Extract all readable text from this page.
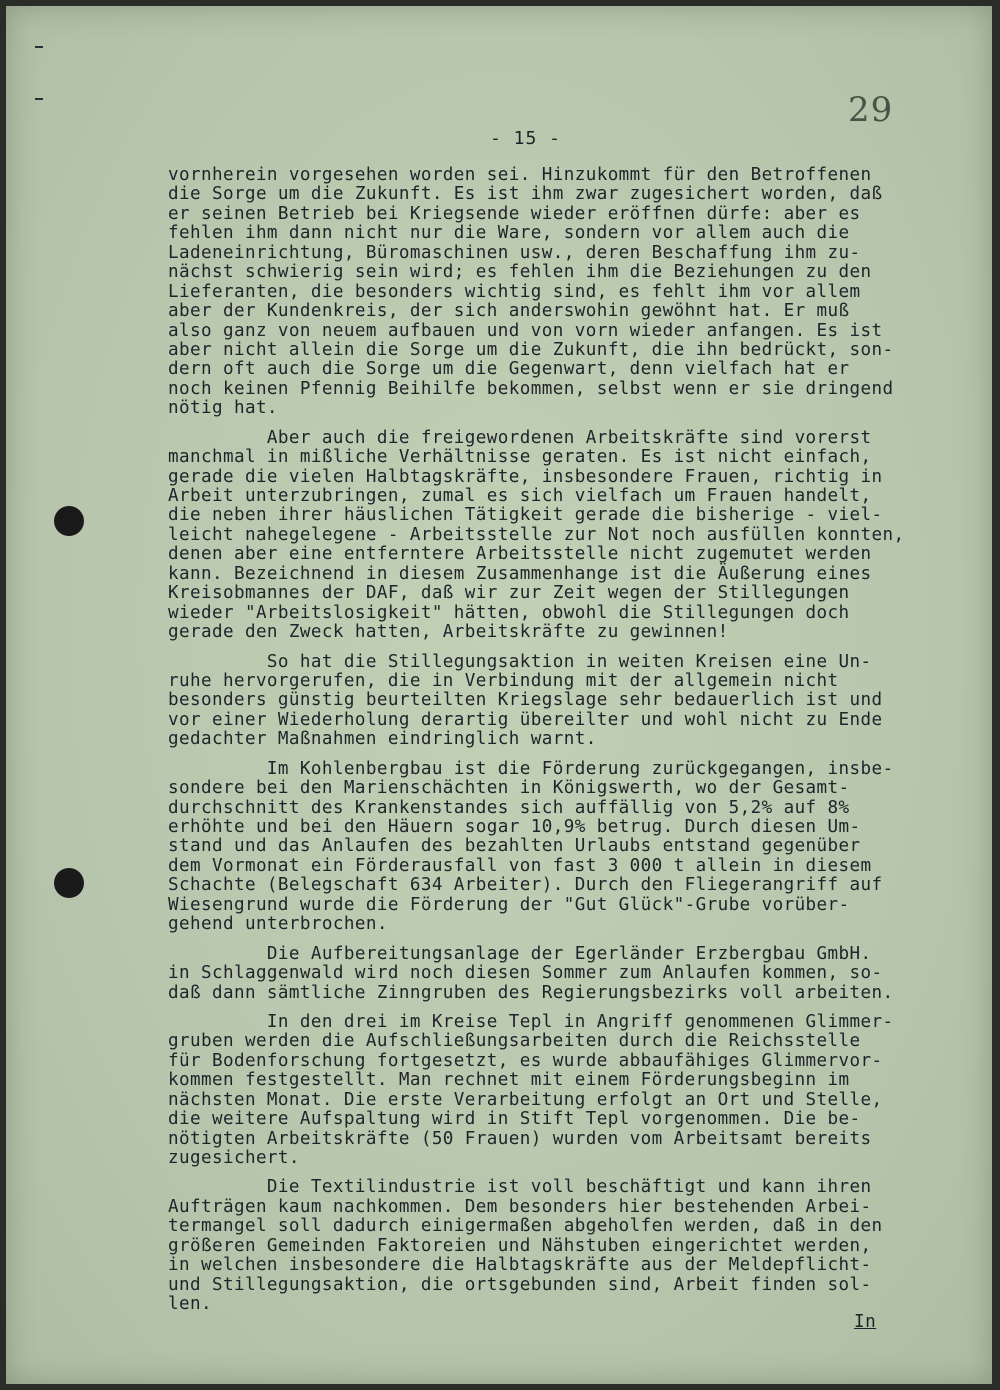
29
- 15 -
vornherein vorgesehen worden sei. Hinzukommt für den Betroffenen
die Sorge um die Zukunft. Es ist ihm zwar zugesichert worden, daß
er seinen Betrieb bei Kriegsende wieder eröffnen dürfe: aber es
fehlen ihm dann nicht nur die Ware, sondern vor allem auch die
Ladeneinrichtung, Büromaschinen usw., deren Beschaffung ihm zu-
nächst schwierig sein wird; es fehlen ihm die Beziehungen zu den
Lieferanten, die besonders wichtig sind, es fehlt ihm vor allem
aber der Kundenkreis, der sich anderswohin gewöhnt hat. Er muß
also ganz von neuem aufbauen und von vorn wieder anfangen. Es ist
aber nicht allein die Sorge um die Zukunft, die ihn bedrückt, son-
dern oft auch die Sorge um die Gegenwart, denn vielfach hat er
noch keinen Pfennig Beihilfe bekommen, selbst wenn er sie dringend
nötig hat.
Aber auch die freigewordenen Arbeitskräfte sind vorerst
manchmal in mißliche Verhältnisse geraten. Es ist nicht einfach,
gerade die vielen Halbtagskräfte, insbesondere Frauen, richtig in
Arbeit unterzubringen, zumal es sich vielfach um Frauen handelt,
die neben ihrer häuslichen Tätigkeit gerade die bisherige - viel-
leicht nahegelegene - Arbeitsstelle zur Not noch ausfüllen konnten,
denen aber eine entferntere Arbeitsstelle nicht zugemutet werden
kann. Bezeichnend in diesem Zusammenhange ist die Äußerung eines
Kreisobmannes der DAF, daß wir zur Zeit wegen der Stillegungen
wieder "Arbeitslosigkeit" hätten, obwohl die Stillegungen doch
gerade den Zweck hatten, Arbeitskräfte zu gewinnen!
So hat die Stillegungsaktion in weiten Kreisen eine Un-
ruhe hervorgerufen, die in Verbindung mit der allgemein nicht
besonders günstig beurteilten Kriegslage sehr bedauerlich ist und
vor einer Wiederholung derartig übereilter und wohl nicht zu Ende
gedachter Maßnahmen eindringlich warnt.
Im Kohlenbergbau ist die Förderung zurückgegangen, insbe-
sondere bei den Marienschächten in Königswerth, wo der Gesamt-
durchschnitt des Krankenstandes sich auffällig von 5,2% auf 8%
erhöhte und bei den Häuern sogar 10,9% betrug. Durch diesen Um-
stand und das Anlaufen des bezahlten Urlaubs entstand gegenüber
dem Vormonat ein Förderausfall von fast 3 000 t allein in diesem
Schachte (Belegschaft 634 Arbeiter). Durch den Fliegerangriff auf
Wiesengrund wurde die Förderung der "Gut Glück"-Grube vorüber-
gehend unterbrochen.
Die Aufbereitungsanlage der Egerländer Erzbergbau GmbH.
in Schlaggenwald wird noch diesen Sommer zum Anlaufen kommen, so-
daß dann sämtliche Zinngruben des Regierungsbezirks voll arbeiten.
In den drei im Kreise Tepl in Angriff genommenen Glimmer-
gruben werden die Aufschließungsarbeiten durch die Reichsstelle
für Bodenforschung fortgesetzt, es wurde abbaufähiges Glimmervor-
kommen festgestellt. Man rechnet mit einem Förderungsbeginn im
nächsten Monat. Die erste Verarbeitung erfolgt an Ort und Stelle,
die weitere Aufspaltung wird in Stift Tepl vorgenommen. Die be-
nötigten Arbeitskräfte (50 Frauen) wurden vom Arbeitsamt bereits
zugesichert.
Die Textilindustrie ist voll beschäftigt und kann ihren
Aufträgen kaum nachkommen. Dem besonders hier bestehenden Arbei-
termangel soll dadurch einigermaßen abgeholfen werden, daß in den
größeren Gemeinden Faktoreien und Nähstuben eingerichtet werden,
in welchen insbesondere die Halbtagskräfte aus der Meldepflicht-
und Stillegungsaktion, die ortsgebunden sind, Arbeit finden sol-
len.
In
